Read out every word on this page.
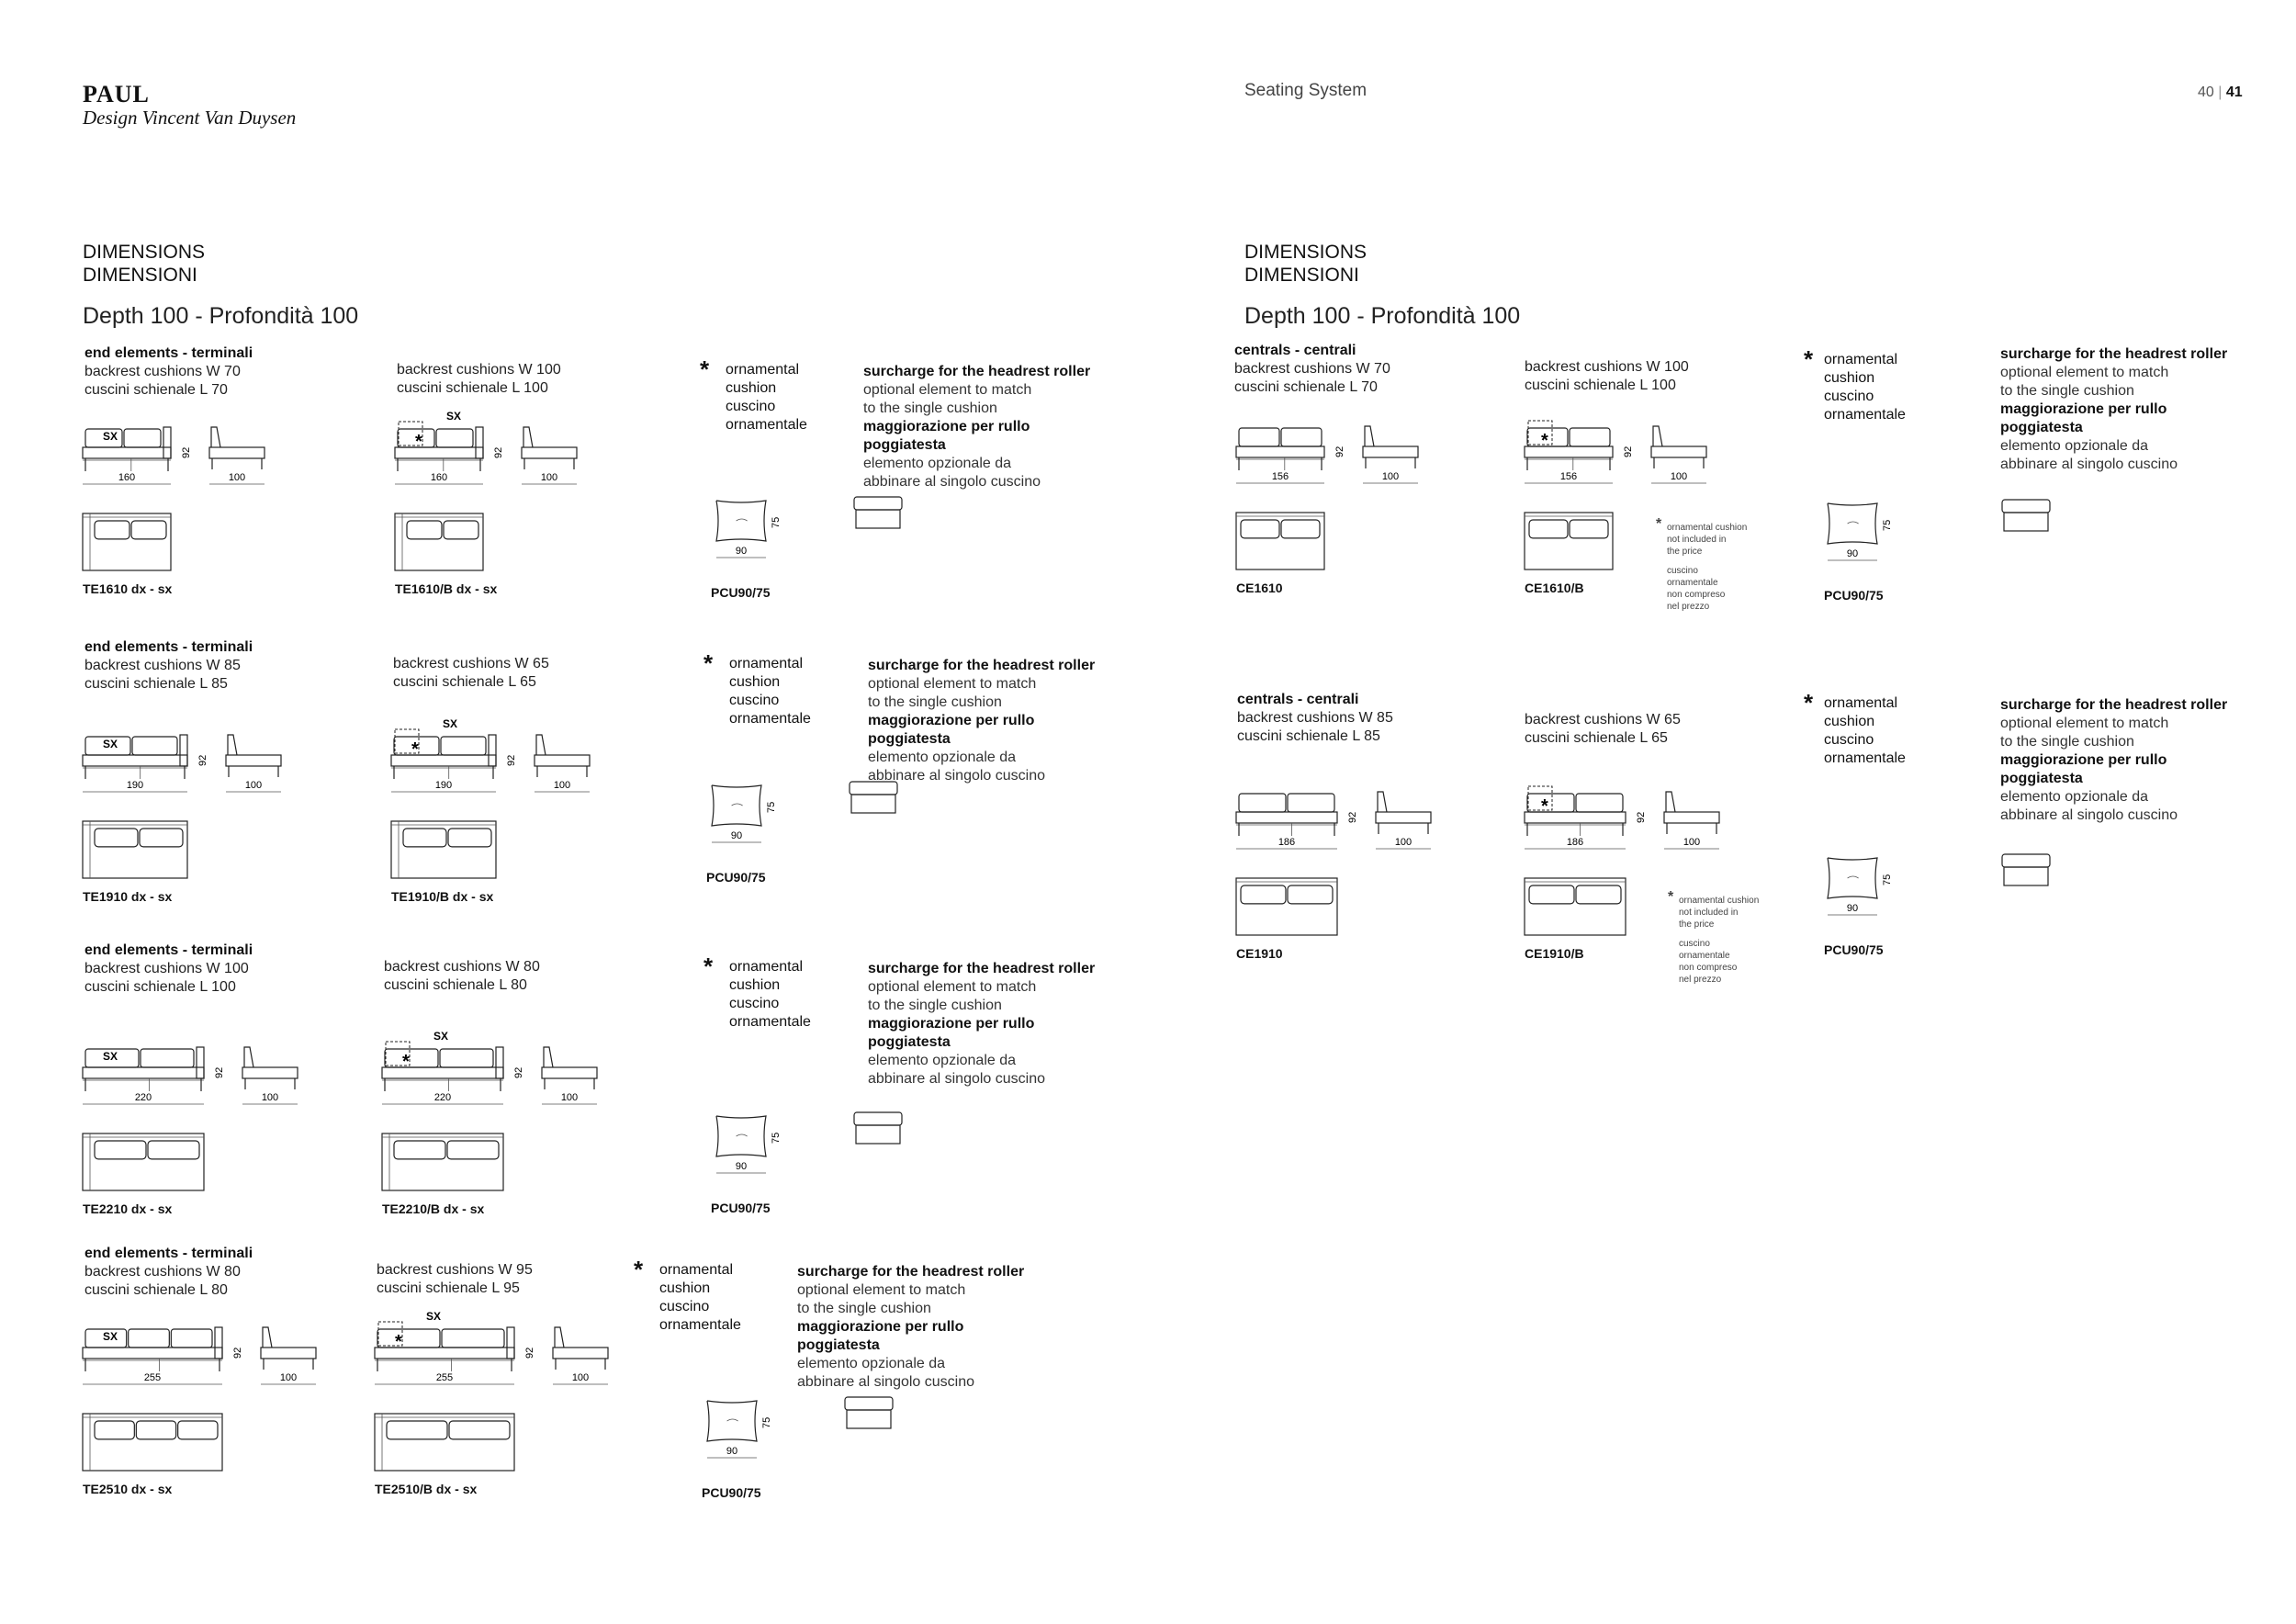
PAUL
Design Vincent Van Duysen
Seating System	40 | 41
DIMENSIONS
DIMENSIONI
Depth 100 - Profondità 100
DIMENSIONS
DIMENSIONI
Depth 100 - Profondità 100
end elements - terminali
backrest cushions W 70
cuscini schienale L 70
backrest cushions W 100
cuscini schienale L 100
SX
92
160	100
SX
*
92
160	100
75
90
TE1610 dx - sx	TE1610/B dx - sx
* ornamental
cushion
cuscino
ornamentale
surcharge for the headrest roller
optional element to match
to the single cushion
maggiorazione per rullo
poggiatesta
elemento opzionale da
abbinare al singolo cuscino
PCU90/75
end elements - terminali
backrest cushions W 85
cuscini schienale L 85
backrest cushions W 65
cuscini schienale L 65
SX
92
190	100
SX
*
92
190	100
75
90
TE1910 dx - sx	TE1910/B dx - sx
* ornamental
cushion
cuscino
ornamentale
surcharge for the headrest roller
optional element to match
to the single cushion
maggiorazione per rullo
poggiatesta
elemento opzionale da
abbinare al singolo cuscino
PCU90/75
end elements - terminali
backrest cushions W 100
cuscini schienale L 100
backrest cushions W 80
cuscini schienale L 80
SX
92
220	100
SX
*
92
220	100
75
90
TE2210 dx - sx	TE2210/B dx - sx
* ornamental
cushion
cuscino
ornamentale
surcharge for the headrest roller
optional element to match
to the single cushion
maggiorazione per rullo
poggiatesta
elemento opzionale da
abbinare al singolo cuscino
PCU90/75
end elements - terminali
backrest cushions W 80
cuscini schienale L 80
backrest cushions W 95
cuscini schienale L 95
SX
92
255	100
SX
*
92
255	100
75
90
TE2510 dx - sx	TE2510/B dx - sx
* ornamental
cushion
cuscino
ornamentale
surcharge for the headrest roller
optional element to match
to the single cushion
maggiorazione per rullo
poggiatesta
elemento opzionale da
abbinare al singolo cuscino
PCU90/75
centrals - centrali
backrest cushions W 70
cuscini schienale L 70
backrest cushions W 100
cuscini schienale L 100
92
156	100
*
92
156	100
75
90
CE1610	CE1610/B
* ornamental cushion
not included in
the price
cuscino
ornamentale
non compreso
nel prezzo
* ornamental
cushion
cuscino
ornamentale
surcharge for the headrest roller
optional element to match
to the single cushion
maggiorazione per rullo
poggiatesta
elemento opzionale da
abbinare al singolo cuscino
PCU90/75
centrals - centrali
backrest cushions W 85
cuscini schienale L 85
backrest cushions W 65
cuscini schienale L 65
92
186	100
*
92
186	100
75
90
CE1910	CE1910/B
* ornamental cushion
not included in
the price
cuscino
ornamentale
non compreso
nel prezzo
* ornamental
cushion
cuscino
ornamentale
surcharge for the headrest roller
optional element to match
to the single cushion
maggiorazione per rullo
poggiatesta
elemento opzionale da
abbinare al singolo cuscino
PCU90/75
